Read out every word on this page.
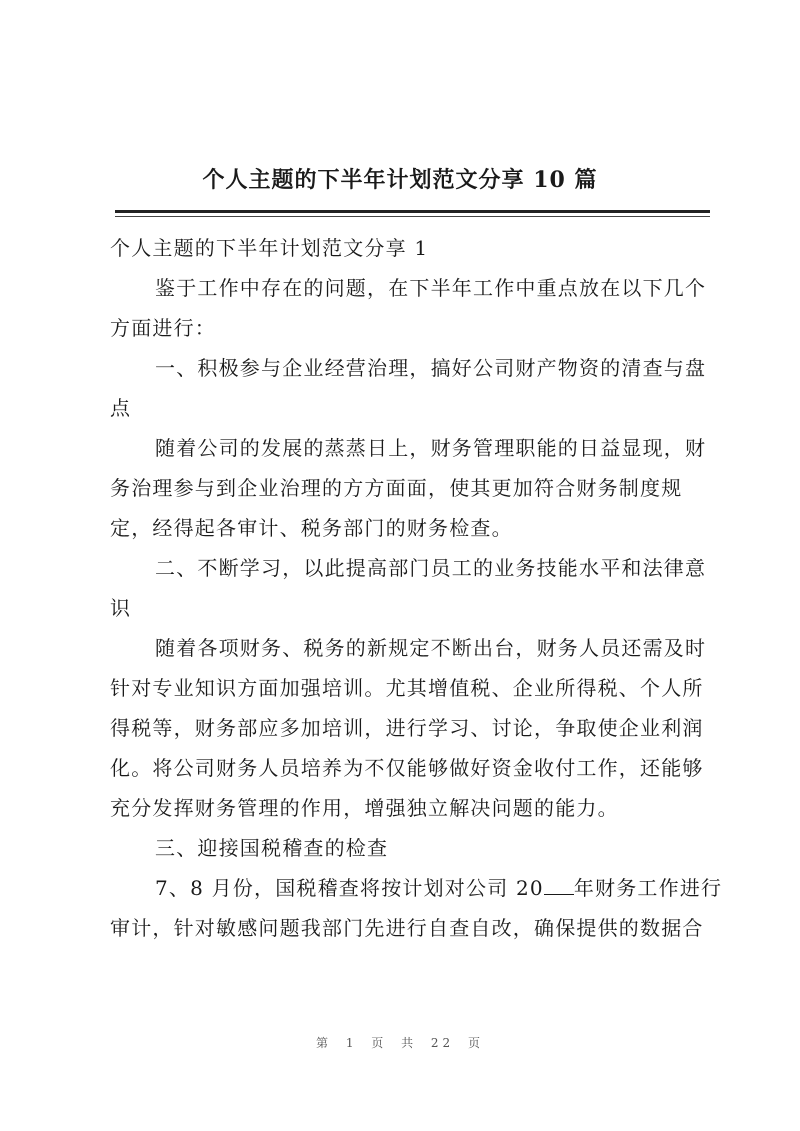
个人主题的下半年计划范文分享 10 篇
个人主题的下半年计划范文分享 1
鉴于工作中存在的问题，在下半年工作中重点放在以下几个
方面进行：
一、积极参与企业经营治理，搞好公司财产物资的清查与盘
点
随着公司的发展的蒸蒸日上，财务管理职能的日益显现，财
务治理参与到企业治理的方方面面，使其更加符合财务制度规
定，经得起各审计、税务部门的财务检查。
二、不断学习，以此提高部门员工的业务技能水平和法律意
识
随着各项财务、税务的新规定不断出台，财务人员还需及时
针对专业知识方面加强培训。尤其增值税、企业所得税、个人所
得税等，财务部应多加培训，进行学习、讨论，争取使企业利润
化。将公司财务人员培养为不仅能够做好资金收付工作，还能够
充分发挥财务管理的作用，增强独立解决问题的能力。
三、迎接国税稽查的检查
7、8 月份，国税稽查将按计划对公司 20 年财务工作进行
审计，针对敏感问题我部门先进行自查自改，确保提供的数据合
第 1 页 共 22 页
